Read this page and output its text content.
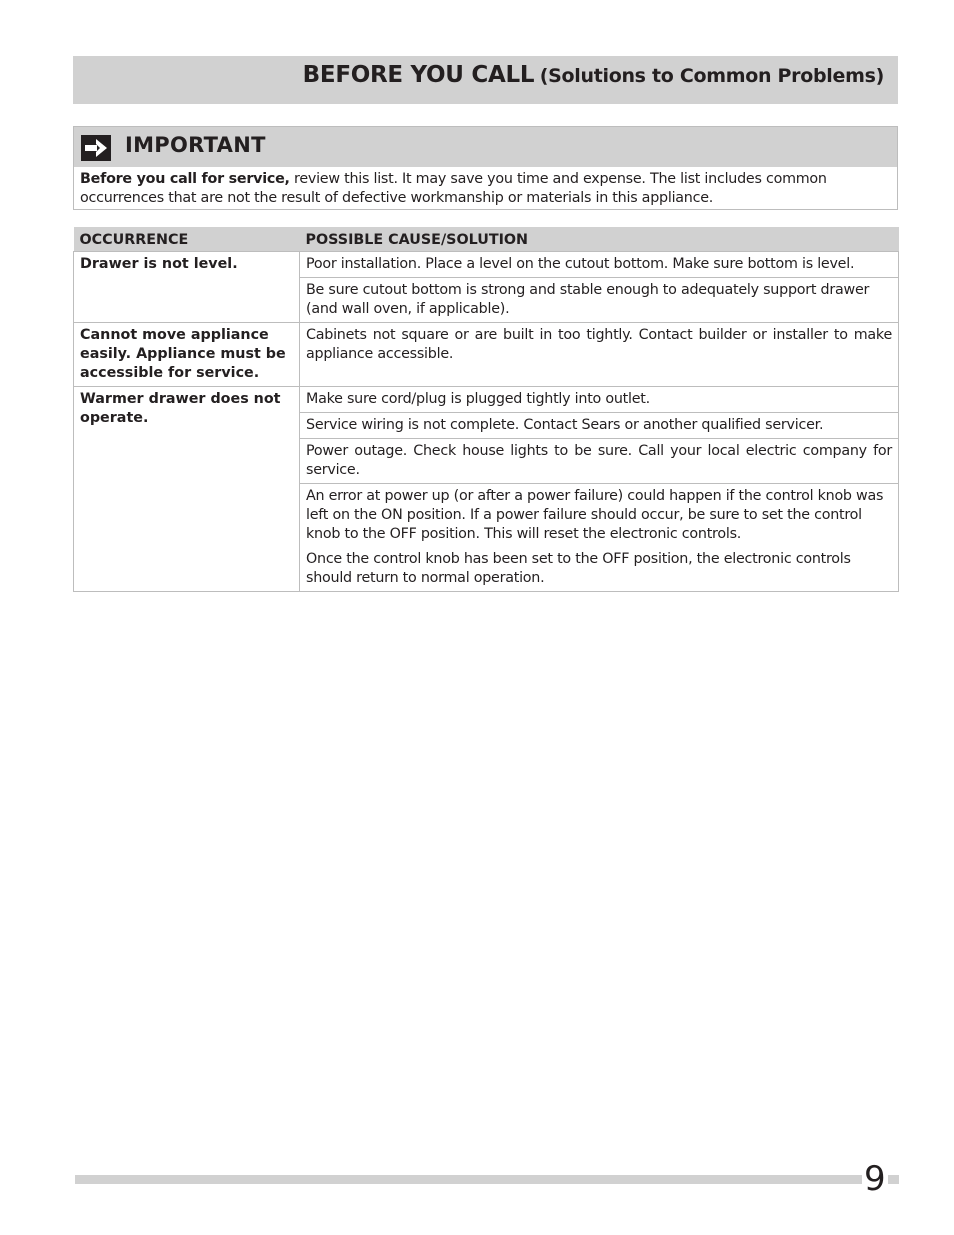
BEFORE YOU CALL (Solutions to Common Problems)
IMPORTANT
Before you call for service, review this list. It may save you time and expense. The list includes common occurrences that are not the result of defective workmanship or materials in this appliance.
OCCURRENCE	POSSIBLE CAUSE/SOLUTION
Drawer is not level.	Poor installation. Place a level on the cutout bottom. Make sure bottom is level.
	Be sure cutout bottom is strong and stable enough to adequately support drawer (and wall oven, if applicable).
Cannot move appliance easily. Appliance must be accessible for service.	Cabinets not square or are built in too tightly. Contact builder or installer to make appliance accessible.
Warmer drawer does not operate.	Make sure cord/plug is plugged tightly into outlet.
	Service wiring is not complete. Contact Sears or another qualified servicer.
	Power outage. Check house lights to be sure. Call your local electric company for service.
	An error at power up (or after a power failure) could happen if the control knob was left on the ON position. If a power failure should occur, be sure to set the control knob to the OFF position. This will reset the electronic controls.
	Once the control knob has been set to the OFF position, the electronic controls should return to normal operation.
9
